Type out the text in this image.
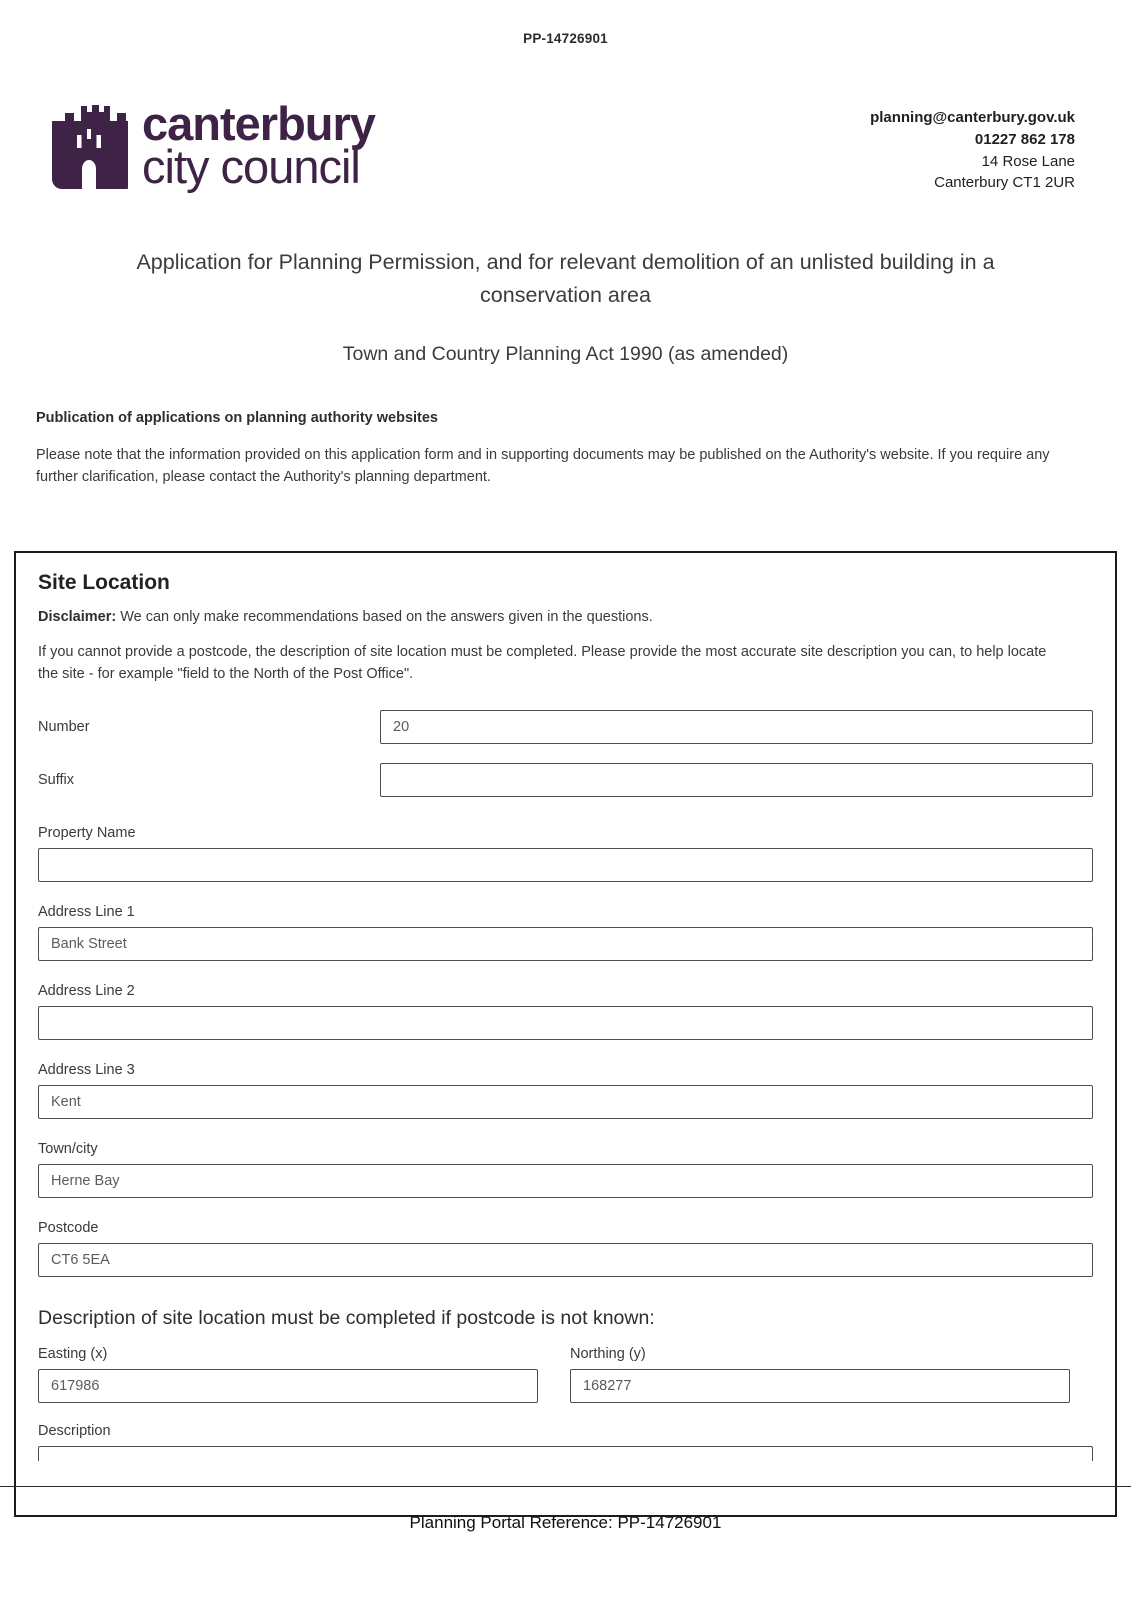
PP-14726901
canterbury
city council
planning@canterbury.gov.uk
01227 862 178
14 Rose Lane
Canterbury CT1 2UR
Application for Planning Permission, and for relevant demolition of an unlisted building in a conservation area
Town and Country Planning Act 1990 (as amended)
Publication of applications on planning authority websites

Please note that the information provided on this application form and in supporting documents may be published on the Authority's website. If you require any further clarification, please contact the Authority's planning department.

Site Location
Disclaimer: We can only make recommendations based on the answers given in the questions.

If you cannot provide a postcode, the description of site location must be completed. Please provide the most accurate site description you can, to help locate the site - for example "field to the North of the Post Office".

Number
20
Suffix
Property Name
Address Line 1
Bank Street
Address Line 2
Address Line 3
Kent
Town/city
Herne Bay
Postcode
CT6 5EA
Description of site location must be completed if postcode is not known:
Easting (x)
617986	Northing (y)
168277
Description
Planning Portal Reference: PP-14726901
